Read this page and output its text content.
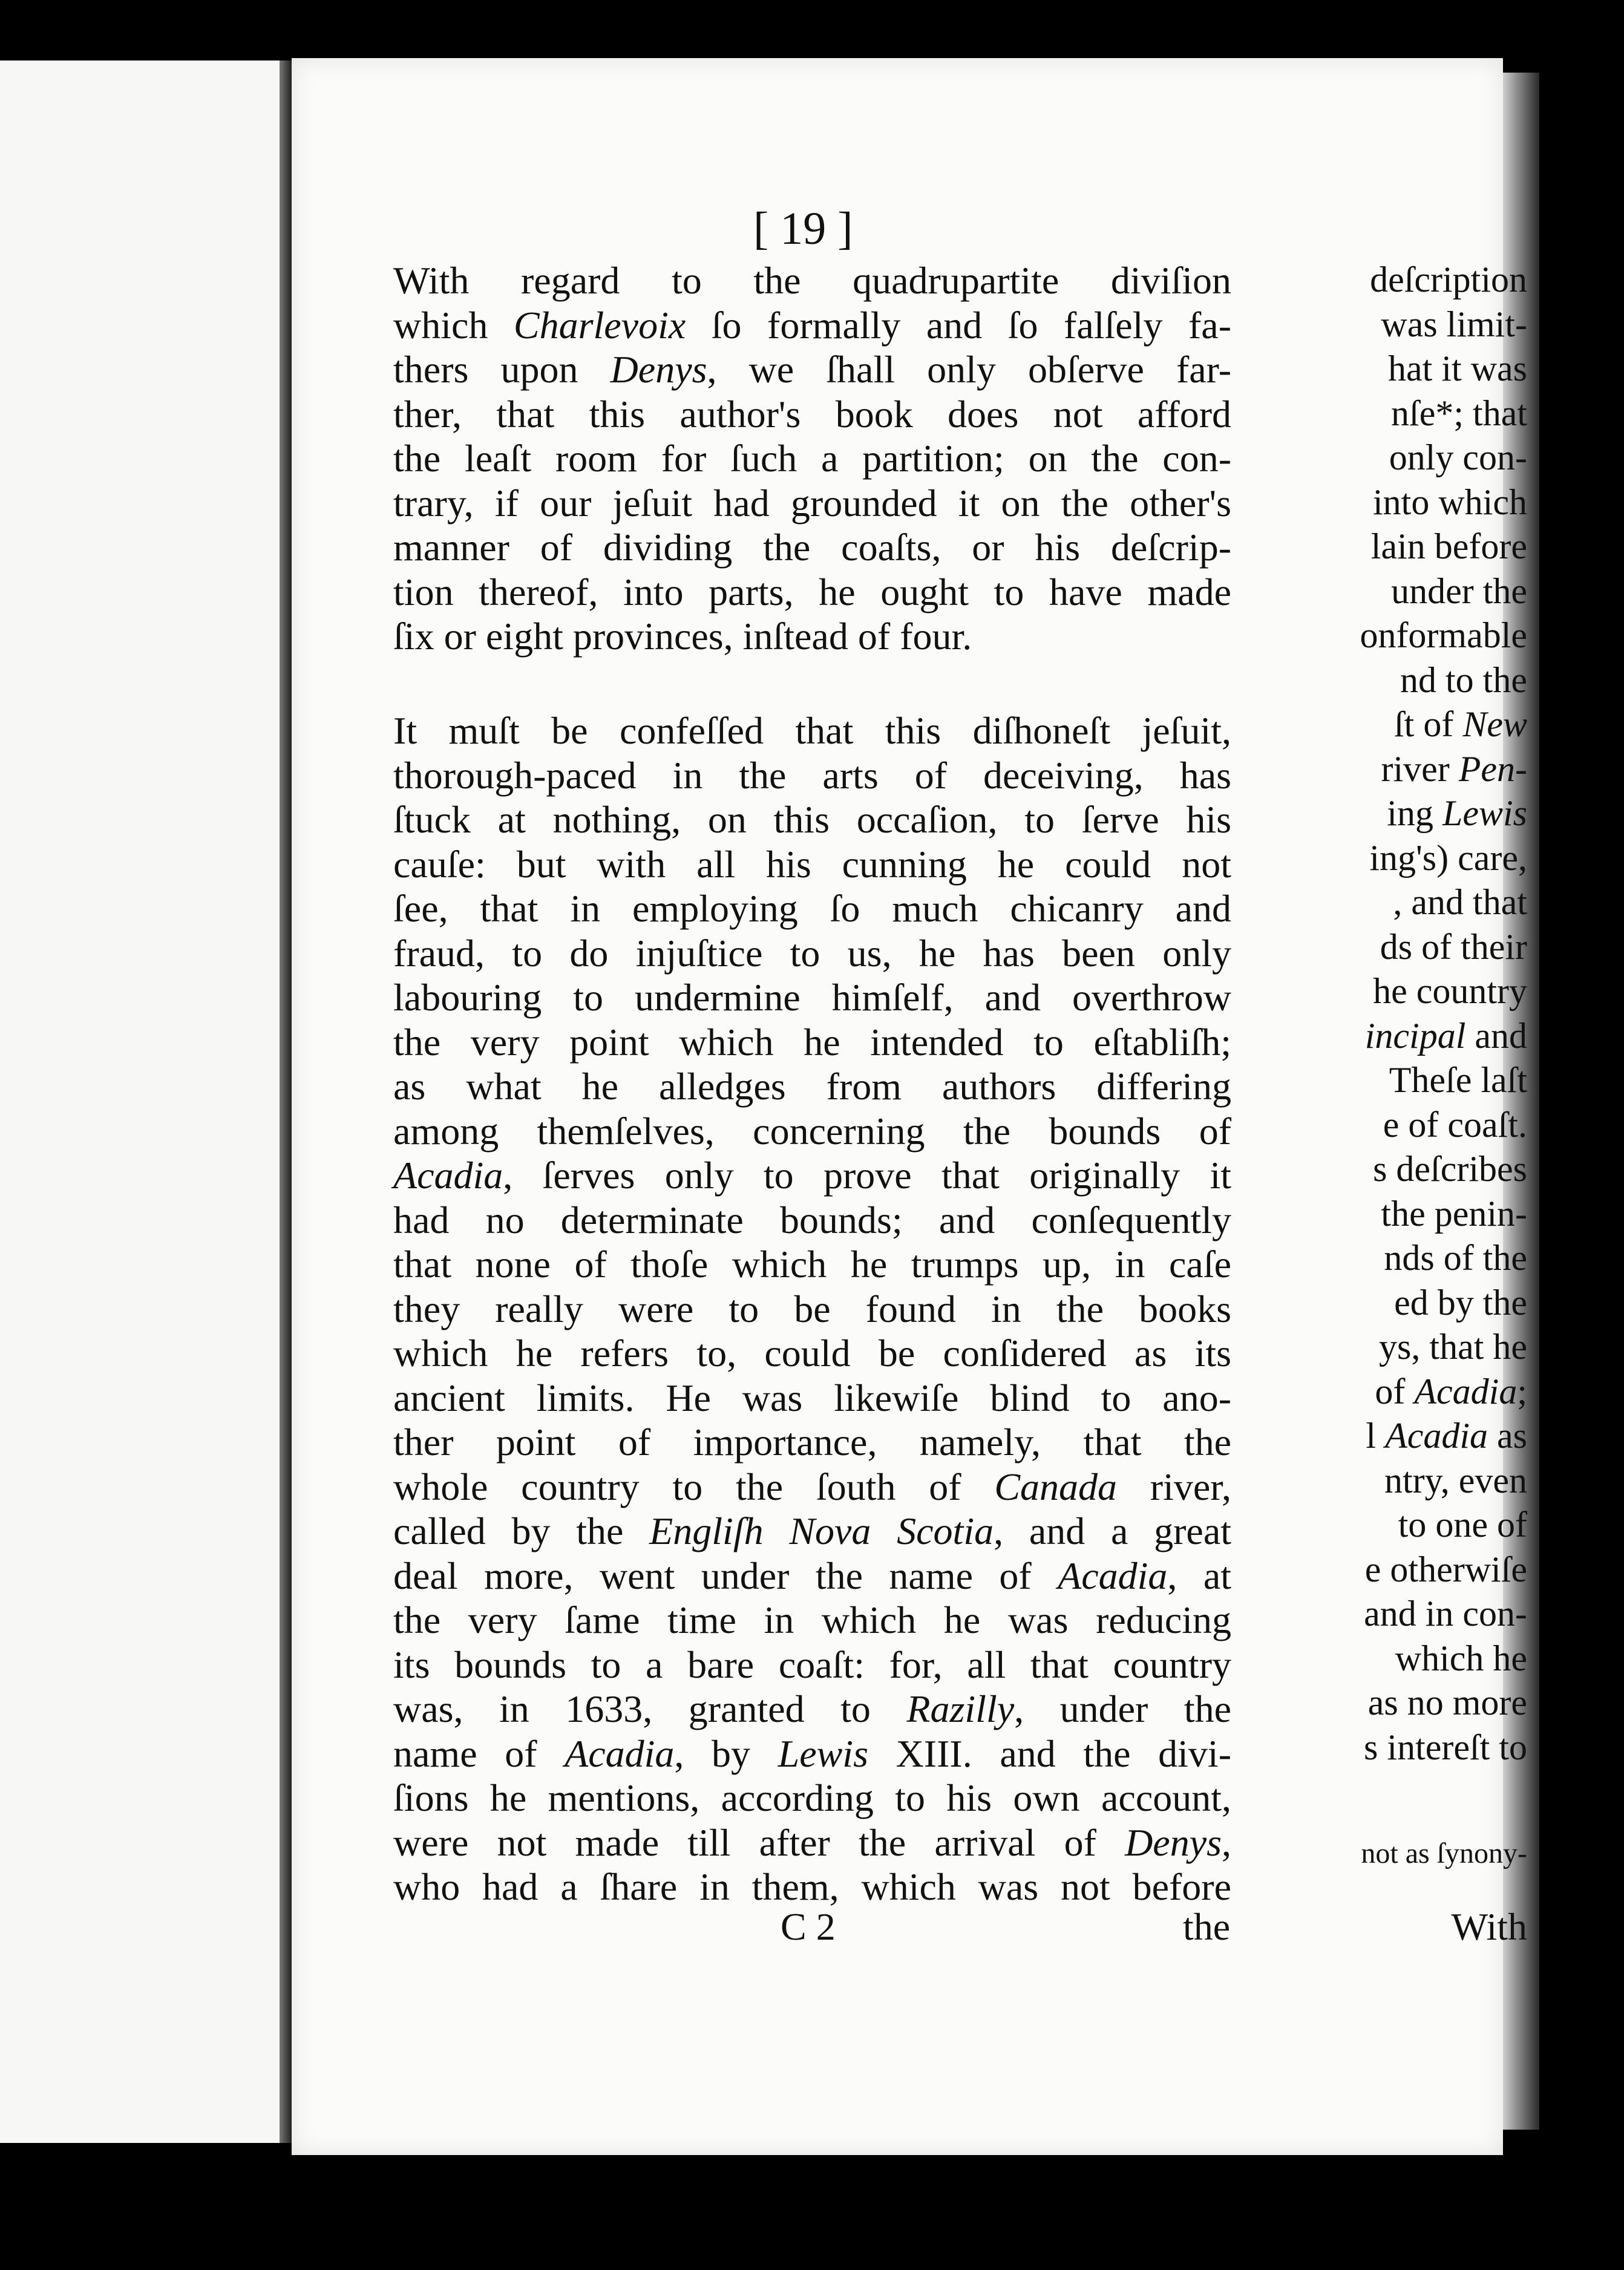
deſcription
was limit-
hat it was
nſe*; that
only con-
into which
lain before
under the
onformable
nd to the
ſt of New
river Pen-
ing Lewis
ing's) care,
, and that
ds of their
he country
incipal and
Theſe laſt
e of coaſt.
s deſcribes
the penin-
nds of the
ed by the
ys, that he
of Acadia;
l Acadia as
ntry, even
to one of
e otherwiſe
and in con-
which he
as no more
s intereſt to
not as ſynony-
With
[ 19 ]
With regard to the quadrupartite diviſion
which Charlevoix ſo formally and ſo falſely fa-
thers upon Denys, we ſhall only obſerve far-
ther, that this author's book does not afford
the leaſt room for ſuch a partition; on the con-
trary, if our jeſuit had grounded it on the other's
manner of dividing the coaſts, or his deſcrip-
tion thereof, into parts, he ought to have made
ſix or eight provinces, inſtead of four.
It muſt be confeſſed that this diſhoneſt jeſuit,
thorough-paced in the arts of deceiving, has
ſtuck at nothing, on this occaſion, to ſerve his
cauſe: but with all his cunning he could not
ſee, that in employing ſo much chicanry and
fraud, to do injuſtice to us, he has been only
labouring to undermine himſelf, and overthrow
the very point which he intended to eſtabliſh;
as what he alledges from authors differing
among themſelves, concerning the bounds of
Acadia, ſerves only to prove that originally it
had no determinate bounds; and conſequently
that none of thoſe which he trumps up, in caſe
they really were to be found in the books
which he refers to, could be conſidered as its
ancient limits. He was likewiſe blind to ano-
ther point of importance, namely, that the
whole country to the ſouth of Canada river,
called by the Engliſh Nova Scotia, and a great
deal more, went under the name of Acadia, at
the very ſame time in which he was reducing
its bounds to a bare coaſt: for, all that country
was, in 1633, granted to Razilly, under the
name of Acadia, by Lewis XIII. and the divi-
ſions he mentions, according to his own account,
were not made till after the arrival of Denys,
who had a ſhare in them, which was not before
C 2	the
